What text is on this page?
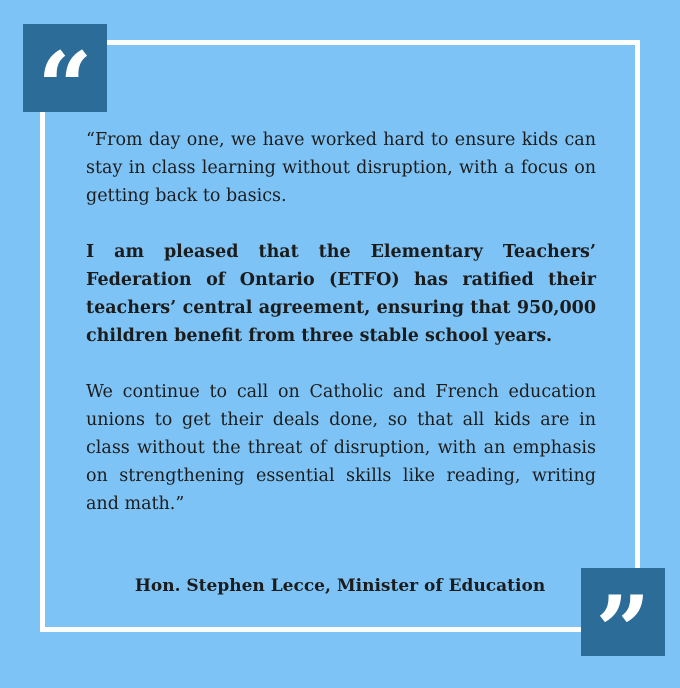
“

“From day one, we have worked hard to ensure kids can stay in class learning without disruption, with a focus on getting back to basics.

I am pleased that the Elementary Teachers’ Federation of Ontario (ETFO) has ratified their teachers’ central agreement, ensuring that 950,000 children benefit from three stable school years.

We continue to call on Catholic and French education unions to get their deals done, so that all kids are in class without the threat of disruption, with an emphasis on strengthening essential skills like reading, writing and math.”

Hon. Stephen Lecce, Minister of Education ”
